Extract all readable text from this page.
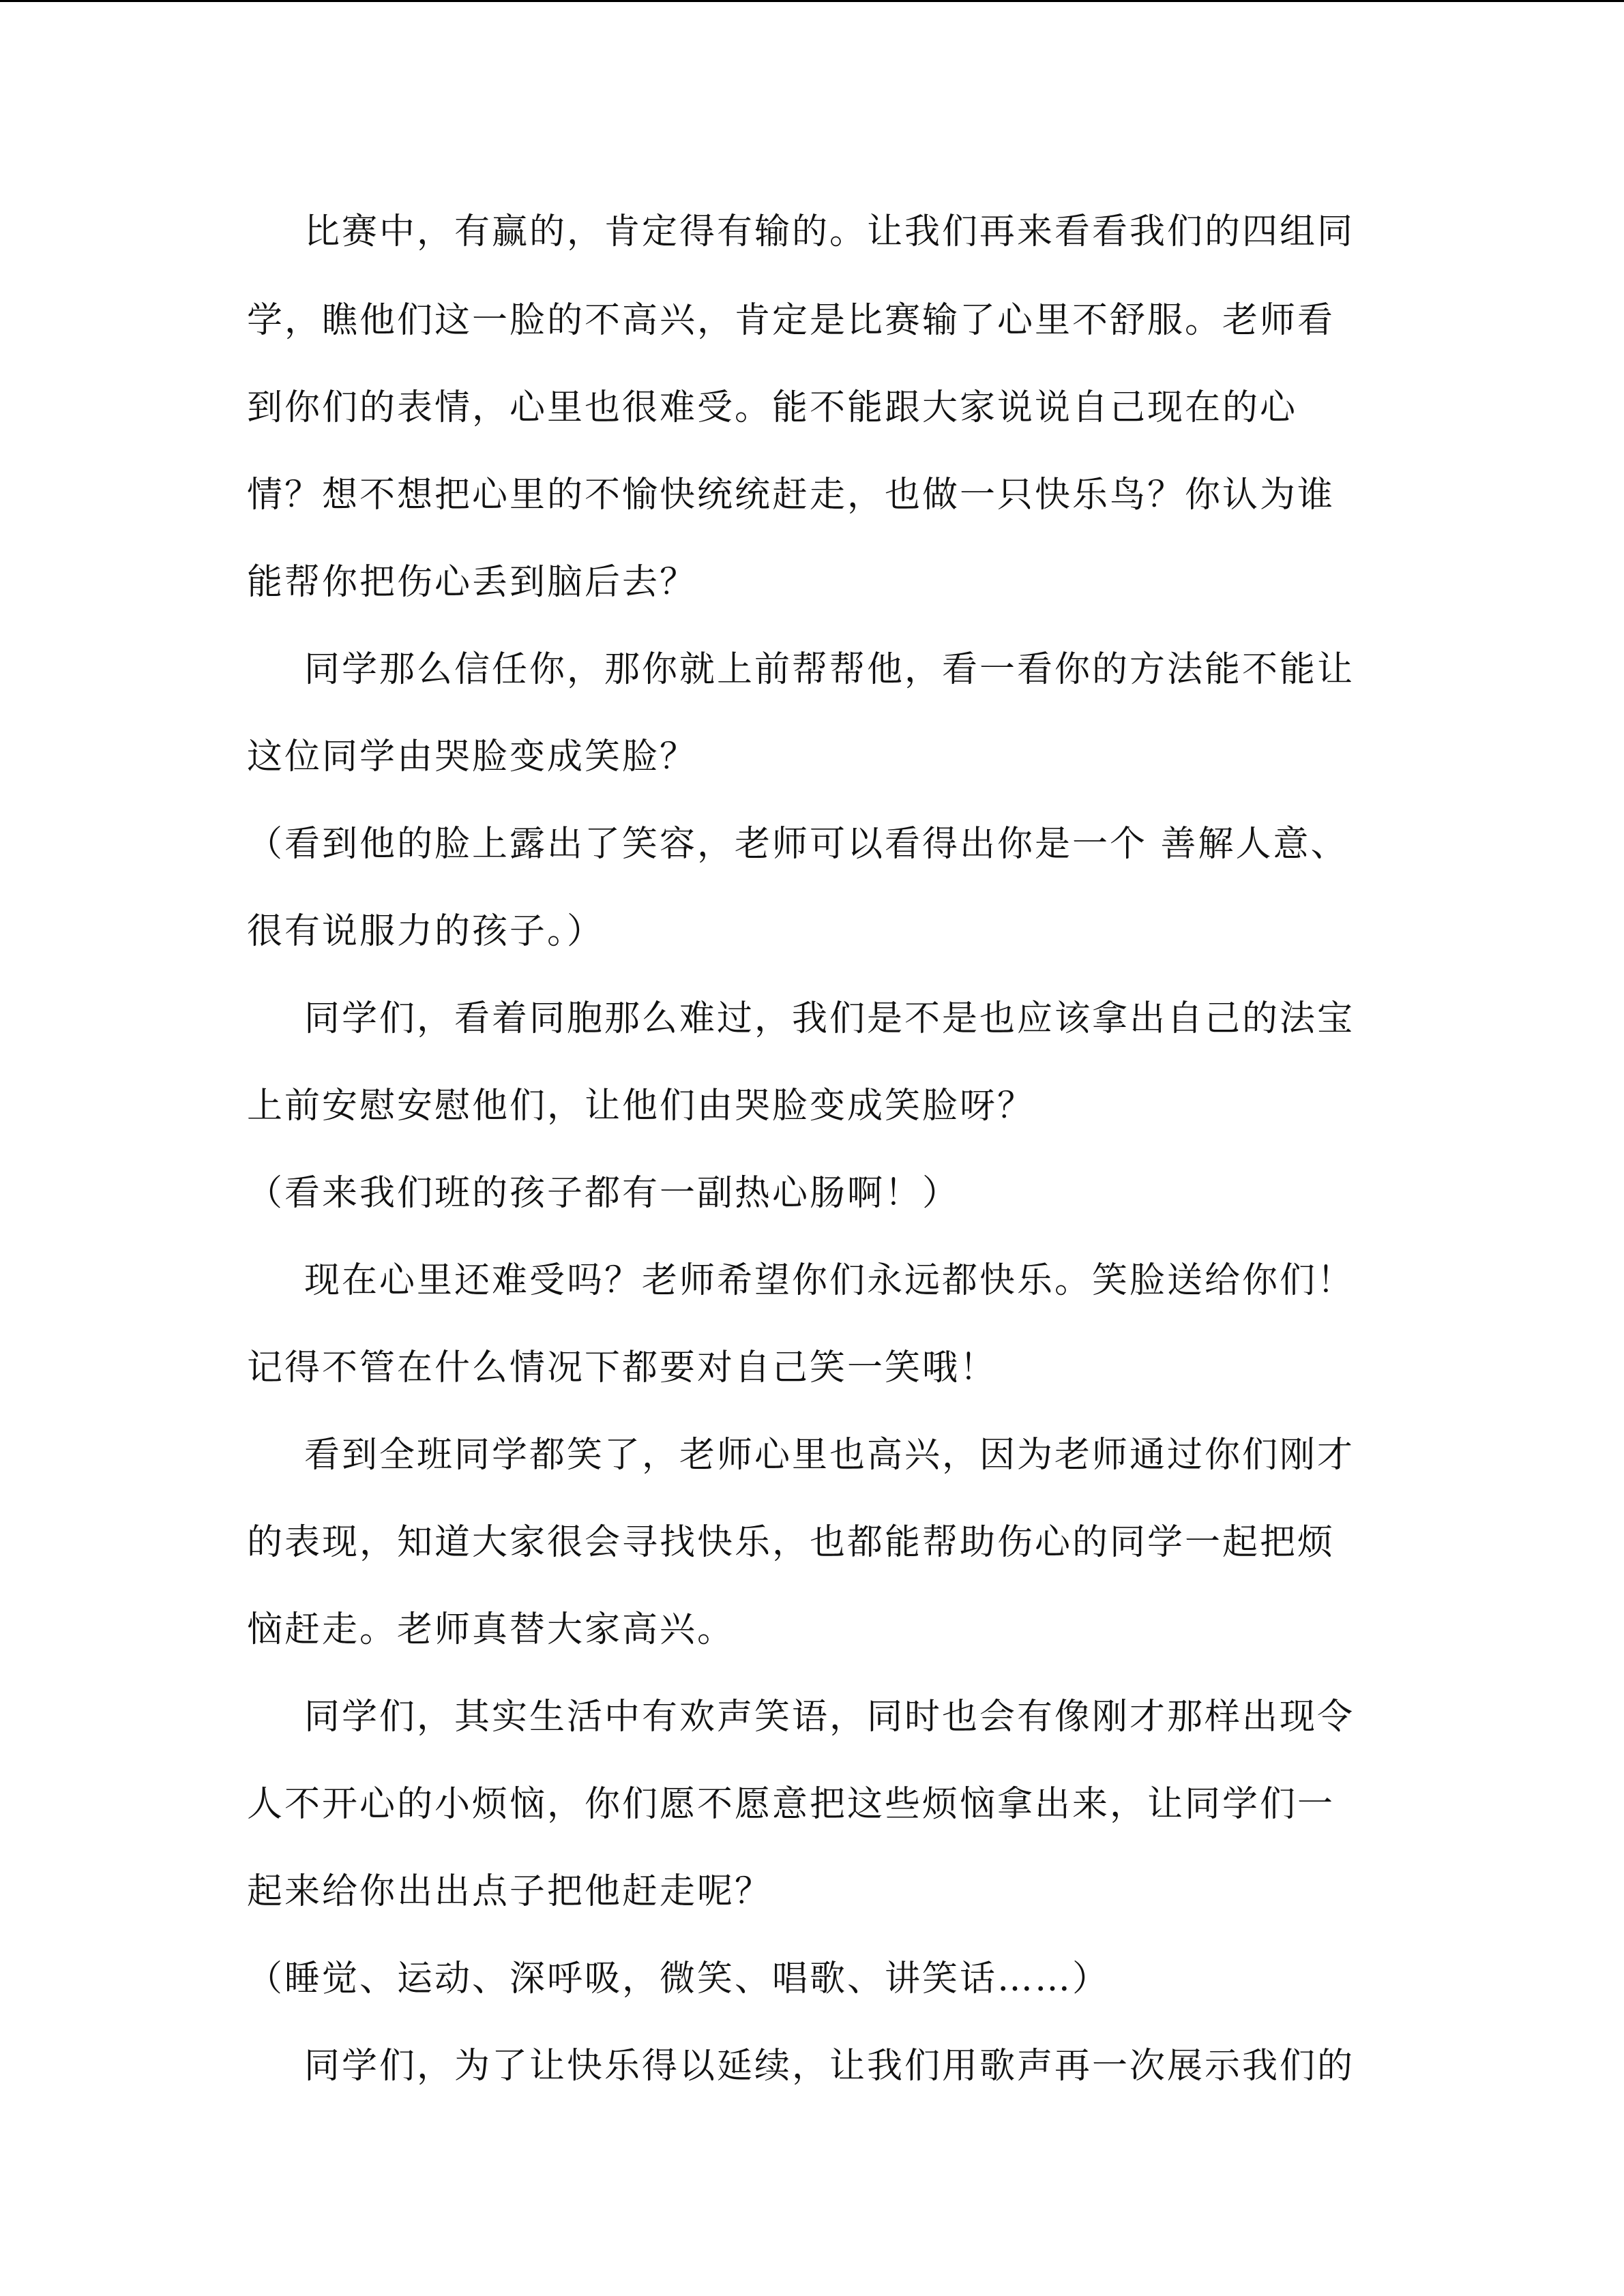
比赛中，有赢的，肯定得有输的。让我们再来看看我们的四组同
学，瞧他们这一脸的不高兴，肯定是比赛输了心里不舒服。老师看
到你们的表情，心里也很难受。能不能跟大家说说自己现在的心
情？想不想把心里的不愉快统统赶走，也做一只快乐鸟？你认为谁
能帮你把伤心丢到脑后去？
同学那么信任你，那你就上前帮帮他，看一看你的方法能不能让
这位同学由哭脸变成笑脸？
（看到他的脸上露出了笑容，老师可以看得出你是一个 善解人意、
很有说服力的孩子。）
同学们，看着同胞那么难过，我们是不是也应该拿出自己的法宝
上前安慰安慰他们，让他们由哭脸变成笑脸呀？
（看来我们班的孩子都有一副热心肠啊！）
现在心里还难受吗？老师希望你们永远都快乐。笑脸送给你们！
记得不管在什么情况下都要对自己笑一笑哦！
看到全班同学都笑了，老师心里也高兴，因为老师通过你们刚才
的表现，知道大家很会寻找快乐，也都能帮助伤心的同学一起把烦
恼赶走。老师真替大家高兴。
同学们，其实生活中有欢声笑语，同时也会有像刚才那样出现令
人不开心的小烦恼，你们愿不愿意把这些烦恼拿出来，让同学们一
起来给你出出点子把他赶走呢？
（睡觉、运动、深呼吸，微笑、唱歌、讲笑话……）
同学们，为了让快乐得以延续，让我们用歌声再一次展示我们的
